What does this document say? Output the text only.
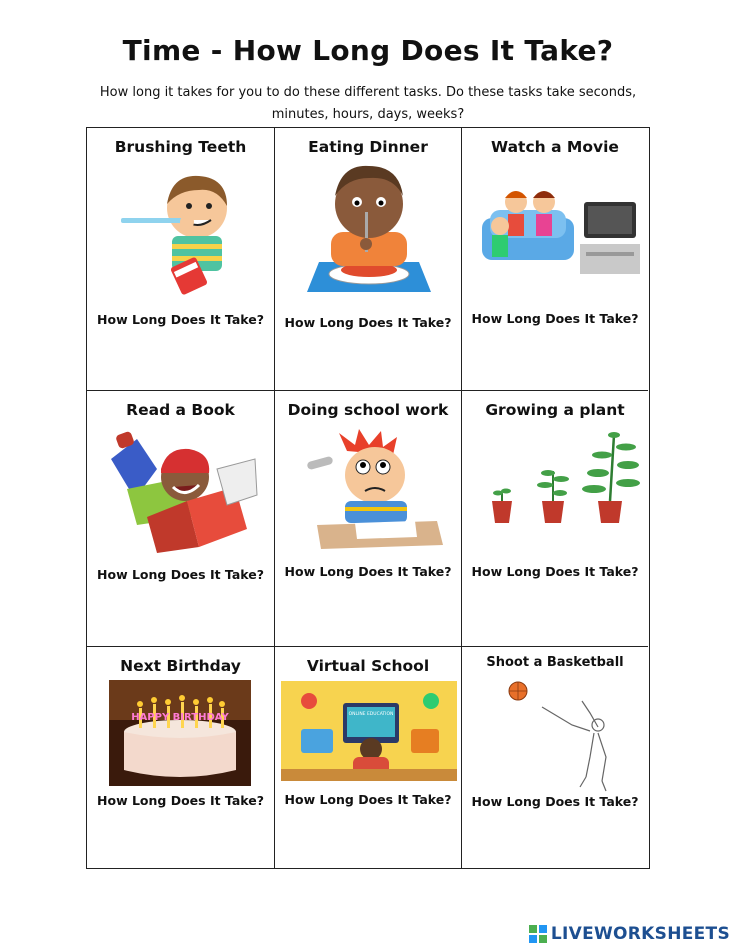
Time - How Long Does It Take?
How long it takes for you to do these different tasks. Do these tasks take seconds, minutes, hours, days, weeks?
Brushing Teeth
How Long Does It Take?
Eating Dinner
How Long Does It Take?
Watch a Movie
How Long Does It Take?
Read a Book
How Long Does It Take?
Doing school work
How Long Does It Take?
Growing a plant
How Long Does It Take?
Next Birthday
HAPPY BIRTHDAY
How Long Does It Take?
Virtual School
ONLINE EDUCATION
How Long Does It Take?
Shoot a Basketball
How Long Does It Take?
LIVEWORKSHEETS
